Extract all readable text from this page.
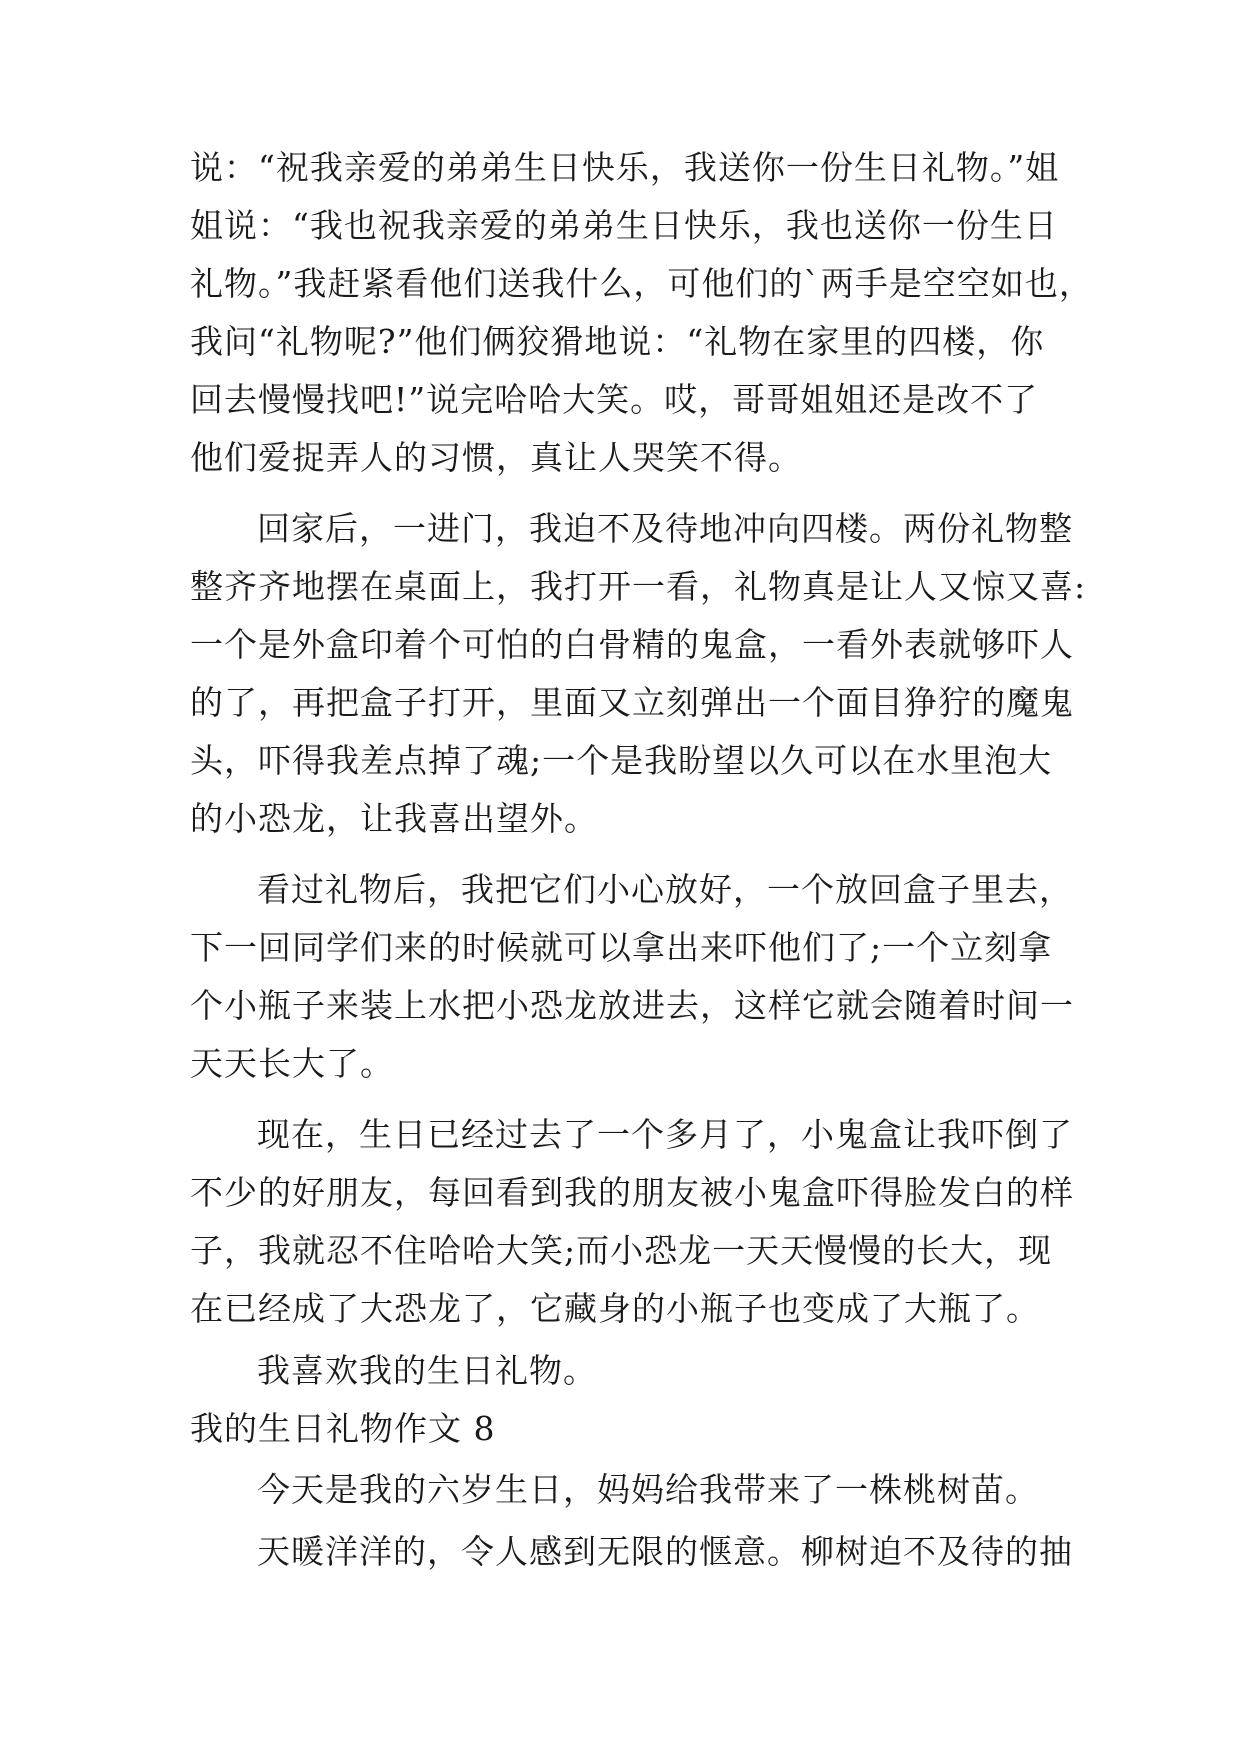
说：“祝我亲爱的弟弟生日快乐，我送你一份生日礼物。”姐
姐说：“我也祝我亲爱的弟弟生日快乐，我也送你一份生日
礼物。”我赶紧看他们送我什么，可他们的`两手是空空如也，
我问“礼物呢?”他们俩狡猾地说：“礼物在家里的四楼，你
回去慢慢找吧!”说完哈哈大笑。哎，哥哥姐姐还是改不了
他们爱捉弄人的习惯，真让人哭笑不得。
回家后，一进门，我迫不及待地冲向四楼。两份礼物整
整齐齐地摆在桌面上，我打开一看，礼物真是让人又惊又喜:
一个是外盒印着个可怕的白骨精的鬼盒，一看外表就够吓人
的了，再把盒子打开，里面又立刻弹出一个面目狰狞的魔鬼
头，吓得我差点掉了魂;一个是我盼望以久可以在水里泡大
的小恐龙，让我喜出望外。
看过礼物后，我把它们小心放好，一个放回盒子里去，
下一回同学们来的时候就可以拿出来吓他们了;一个立刻拿
个小瓶子来装上水把小恐龙放进去，这样它就会随着时间一
天天长大了。
现在，生日已经过去了一个多月了，小鬼盒让我吓倒了
不少的好朋友，每回看到我的朋友被小鬼盒吓得脸发白的样
子，我就忍不住哈哈大笑;而小恐龙一天天慢慢的长大，现
在已经成了大恐龙了，它藏身的小瓶子也变成了大瓶了。
我喜欢我的生日礼物。
我的生日礼物作文 8
今天是我的六岁生日，妈妈给我带来了一株桃树苗。
天暖洋洋的，令人感到无限的惬意。柳树迫不及待的抽
